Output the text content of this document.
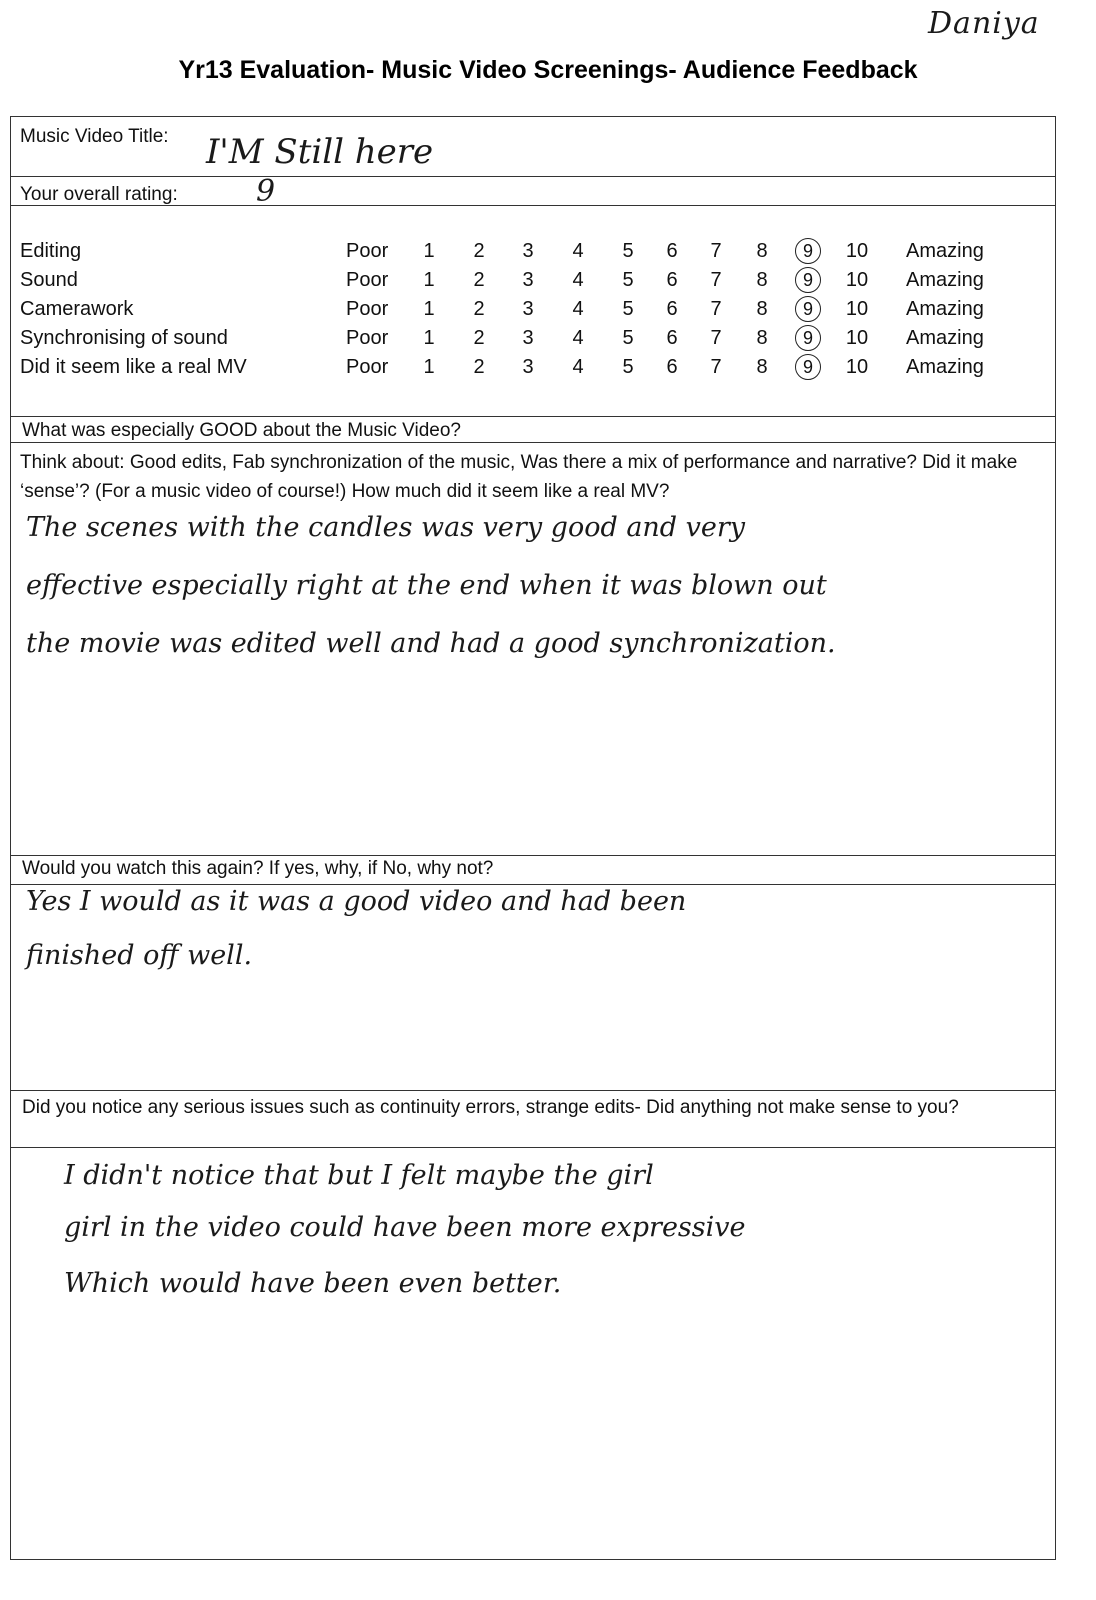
Daniya
Yr13 Evaluation- Music Video Screenings- Audience Feedback
Music Video Title: I'M Still here
Your overall rating:	9
Editing	Poor	1	2	3	4	5	6	7	8	9	10 Amazing
Sound	Poor	1	2	3	4	5	6	7	8	9	10 Amazing
Camerawork	Poor	1	2	3	4	5	6	7	8	9	10 Amazing
Synchronising of sound	Poor	1	2	3	4	5	6	7	8	9	10 Amazing
Did it seem like a real MV	Poor	1	2	3	4	5	6	7	8	9	10 Amazing
What was especially GOOD about the Music Video?
Think about: Good edits, Fab synchronization of the music, Was there a mix of performance and narrative? Did it make ‘sense’? (For a music video of course!) How much did it seem like a real MV?
The scenes with the candles was very good and very
effective especially right at the end when it was blown out
the movie was edited well and had a good synchronization.
Would you watch this again? If yes, why, if No, why not?
Yes I would as it was a good video and had been
finished off well.
Did you notice any serious issues such as continuity errors, strange edits- Did anything not make sense to you?
I didn't notice that but I felt maybe the girl
girl in the video could have been more expressive
Which would have been even better.
